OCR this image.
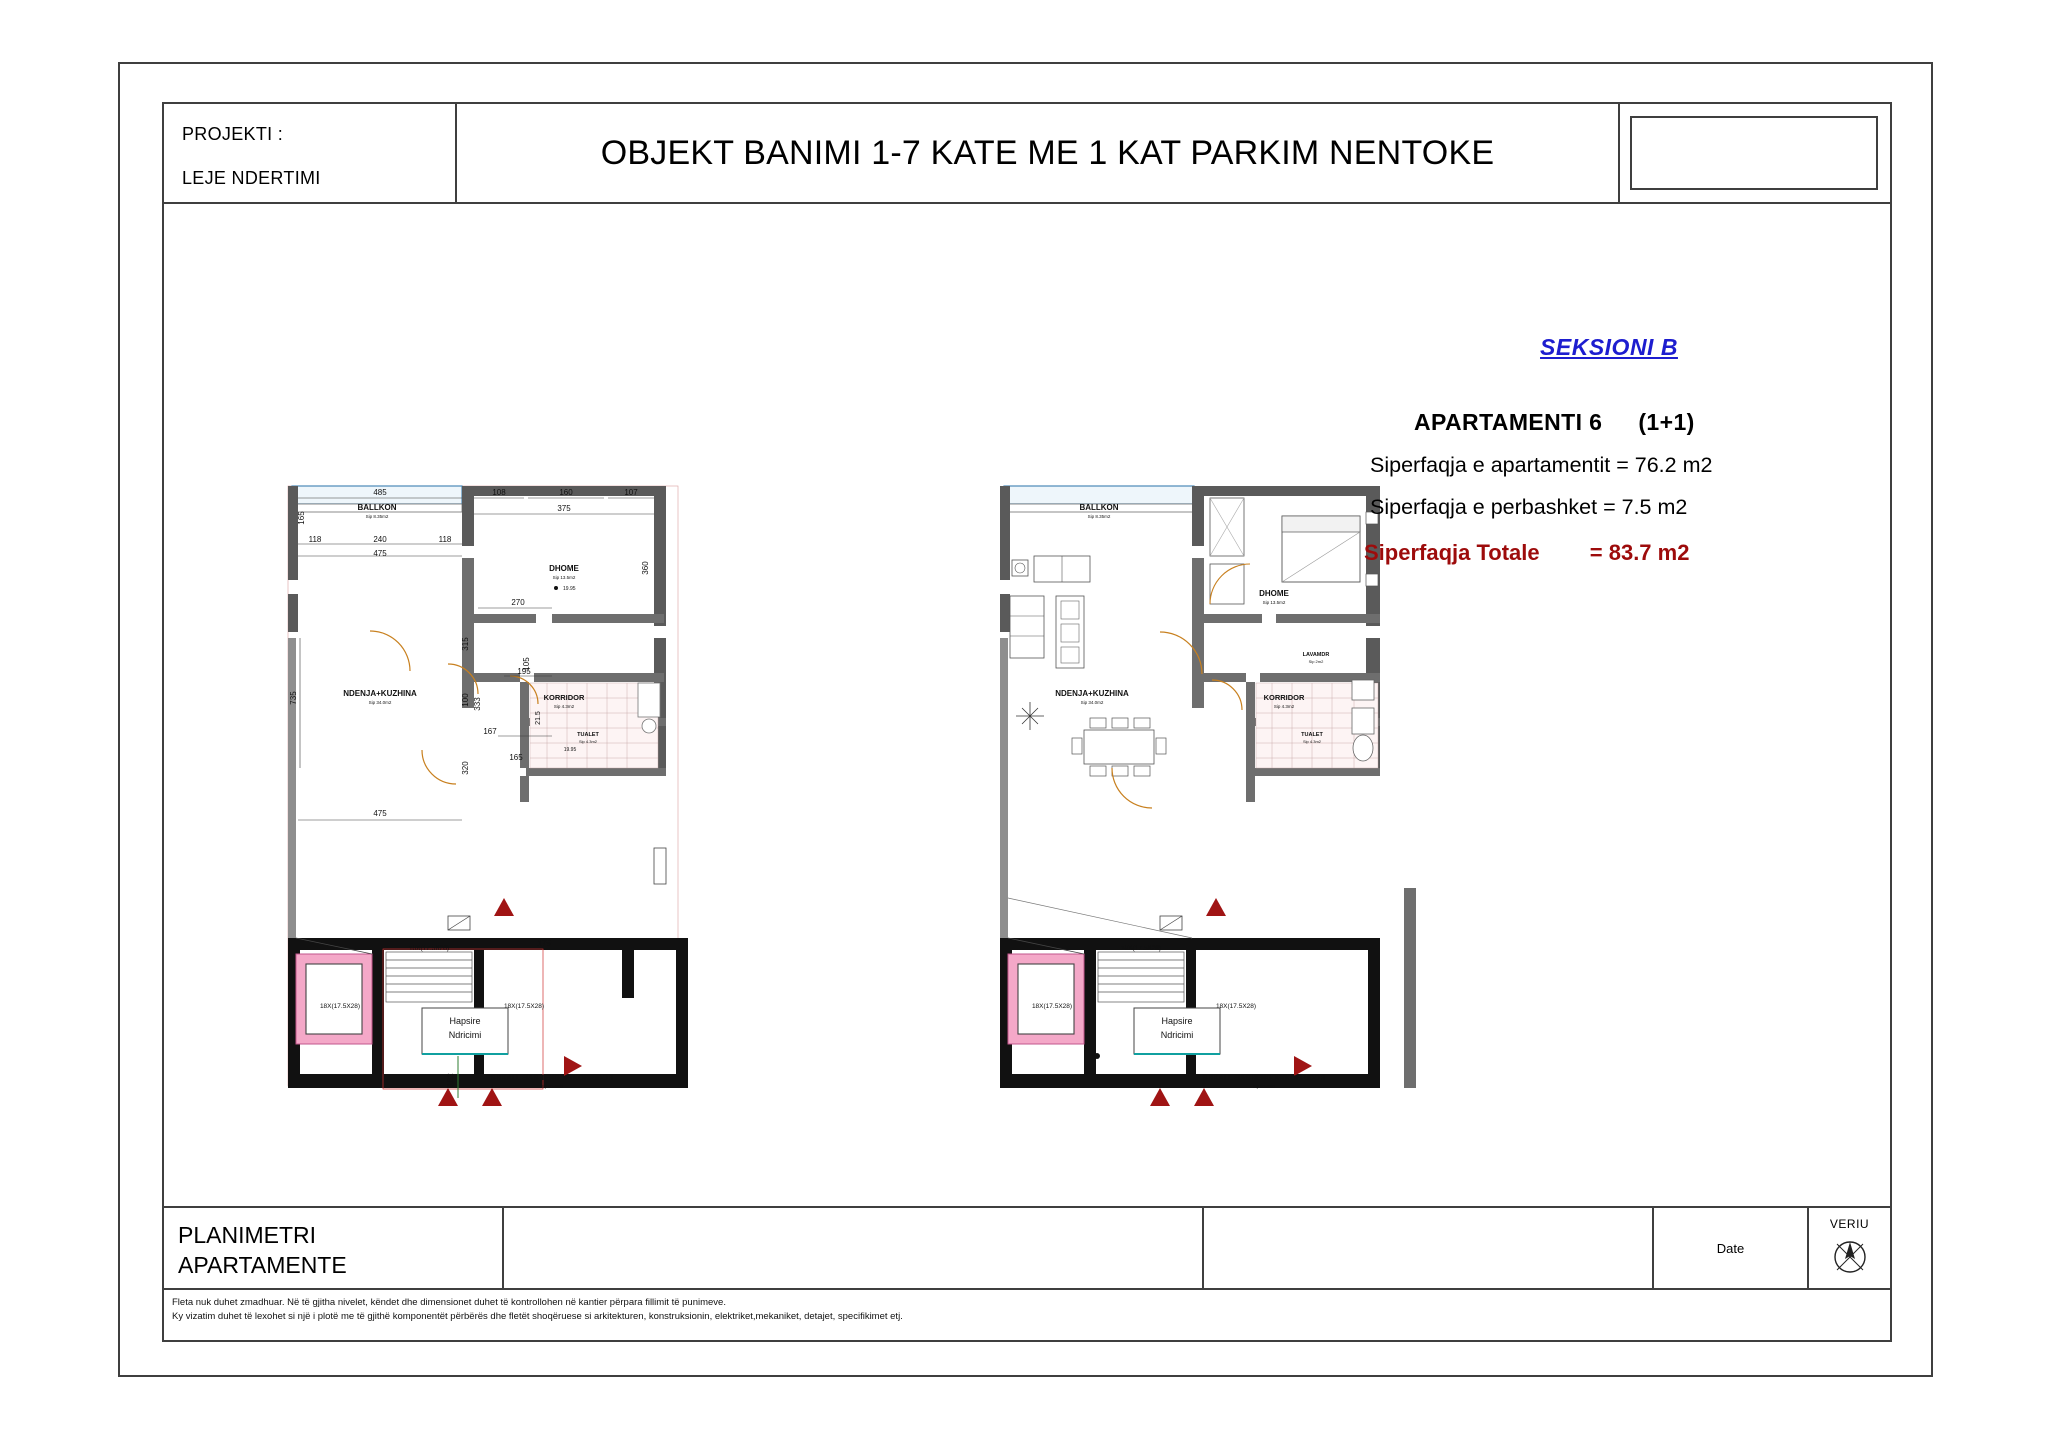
PROJEKTI :
LEJE NDERTIMI
OBJEKT BANIMI 1-7 KATE ME 1 KAT PARKIM NENTOKE
BALLKON
Sip 8.35m2
DHOME
Sip 13.5m2
NDENJA+KUZHINA
Sip 34.0m2
KORRIDOR
Sip 4.3m2
TUALET
Sip 4.3m2
Hapsire
Ndricimi
SHKALLE/ASHENSOR/KORRIDOR
Sip 50.0m2
19.95
19.95
485
165
108	160	107
375
360
118	240	118
475
315
270
105
195
735	100 333
21.5
167
165
320
475
175
162
18X(17.5X28)
18X(17.5X28)	18X(17.5X28)
BALLKON
Sip 8.35m2
DHOME
Sip 13.5m2
NDENJA+KUZHINA
Sip 34.0m2
KORRIDOR
Sip 4.3m2
LAVAMDR
Sip 2m2
TUALET
Sip 4.3m2
Hapsire
Ndricimi
SHKALLE/ASHENSOR/KORRIDOR
Sip 50.0m2
18X(17.5X28)
18X(17.5X28)	18X(17.5X28)
SEKSIONI B
APARTAMENTI 6 (1+1)
Siperfaqja e apartamentit = 76.2 m2
Siperfaqja e perbashket = 7.5 m2
Siperfaqja Totale = 83.7 m2
PLANIMETRI
APARTAMENTE
Date
VERIU
Fleta nuk duhet zmadhuar. Në të gjitha nivelet, këndet dhe dimensionet duhet të kontrollohen në kantier përpara fillimit të punimeve.
Ky vizatim duhet të lexohet si një i plotë me të gjithë komponentët përbërës dhe fletët shoqëruese si arkitekturen, konstruksionin, elektriket,mekaniket, detajet, specifikimet etj.
